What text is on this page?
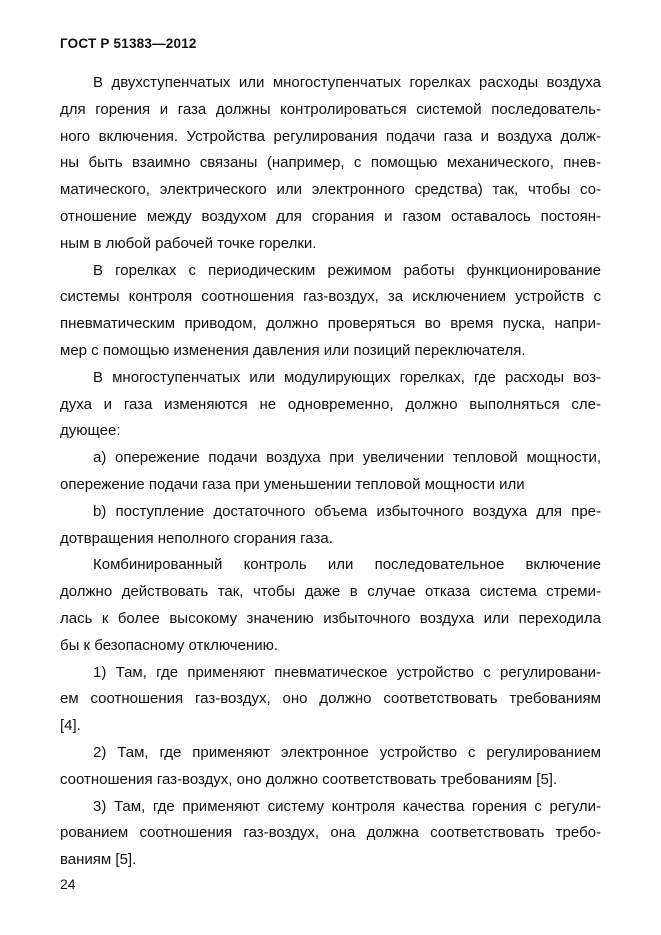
ГОСТ Р 51383—2012

В двухступенчатых или многоступенчатых горелках расходы воздуха
для горения и газа должны контролироваться системой последователь-
ного включения. Устройства регулирования подачи газа и воздуха долж-
ны быть взаимно связаны (например, с помощью механического, пнев-
матического, электрического или электронного средства) так, чтобы со-
отношение между воздухом для сгорания и газом оставалось постоян-
ным в любой рабочей точке горелки.

В горелках с периодическим режимом работы функционирование
системы контроля соотношения газ-воздух, за исключением устройств с
пневматическим приводом, должно проверяться во время пуска, напри-
мер с помощью изменения давления или позиций переключателя.

В многоступенчатых или модулирующих горелках, где расходы воз-
духа и газа изменяются не одновременно, должно выполняться сле-
дующее:

а) опережение подачи воздуха при увеличении тепловой мощности,
опережение подачи газа при уменьшении тепловой мощности или

b) поступление достаточного объема избыточного воздуха для пре-
дотвращения неполного сгорания газа.

Комбинированный контроль или последовательное включение
должно действовать так, чтобы даже в случае отказа система стреми-
лась к более высокому значению избыточного воздуха или переходила
бы к безопасному отключению.

1) Там, где применяют пневматическое устройство с регулировани-
ем соотношения газ-воздух, оно должно соответствовать требованиям
[4].

2) Там, где применяют электронное устройство с регулированием
соотношения газ-воздух, оно должно соответствовать требованиям [5].

3) Там, где применяют систему контроля качества горения с регули-
рованием соотношения газ-воздух, она должна соответствовать требо-
ваниям [5].

24
